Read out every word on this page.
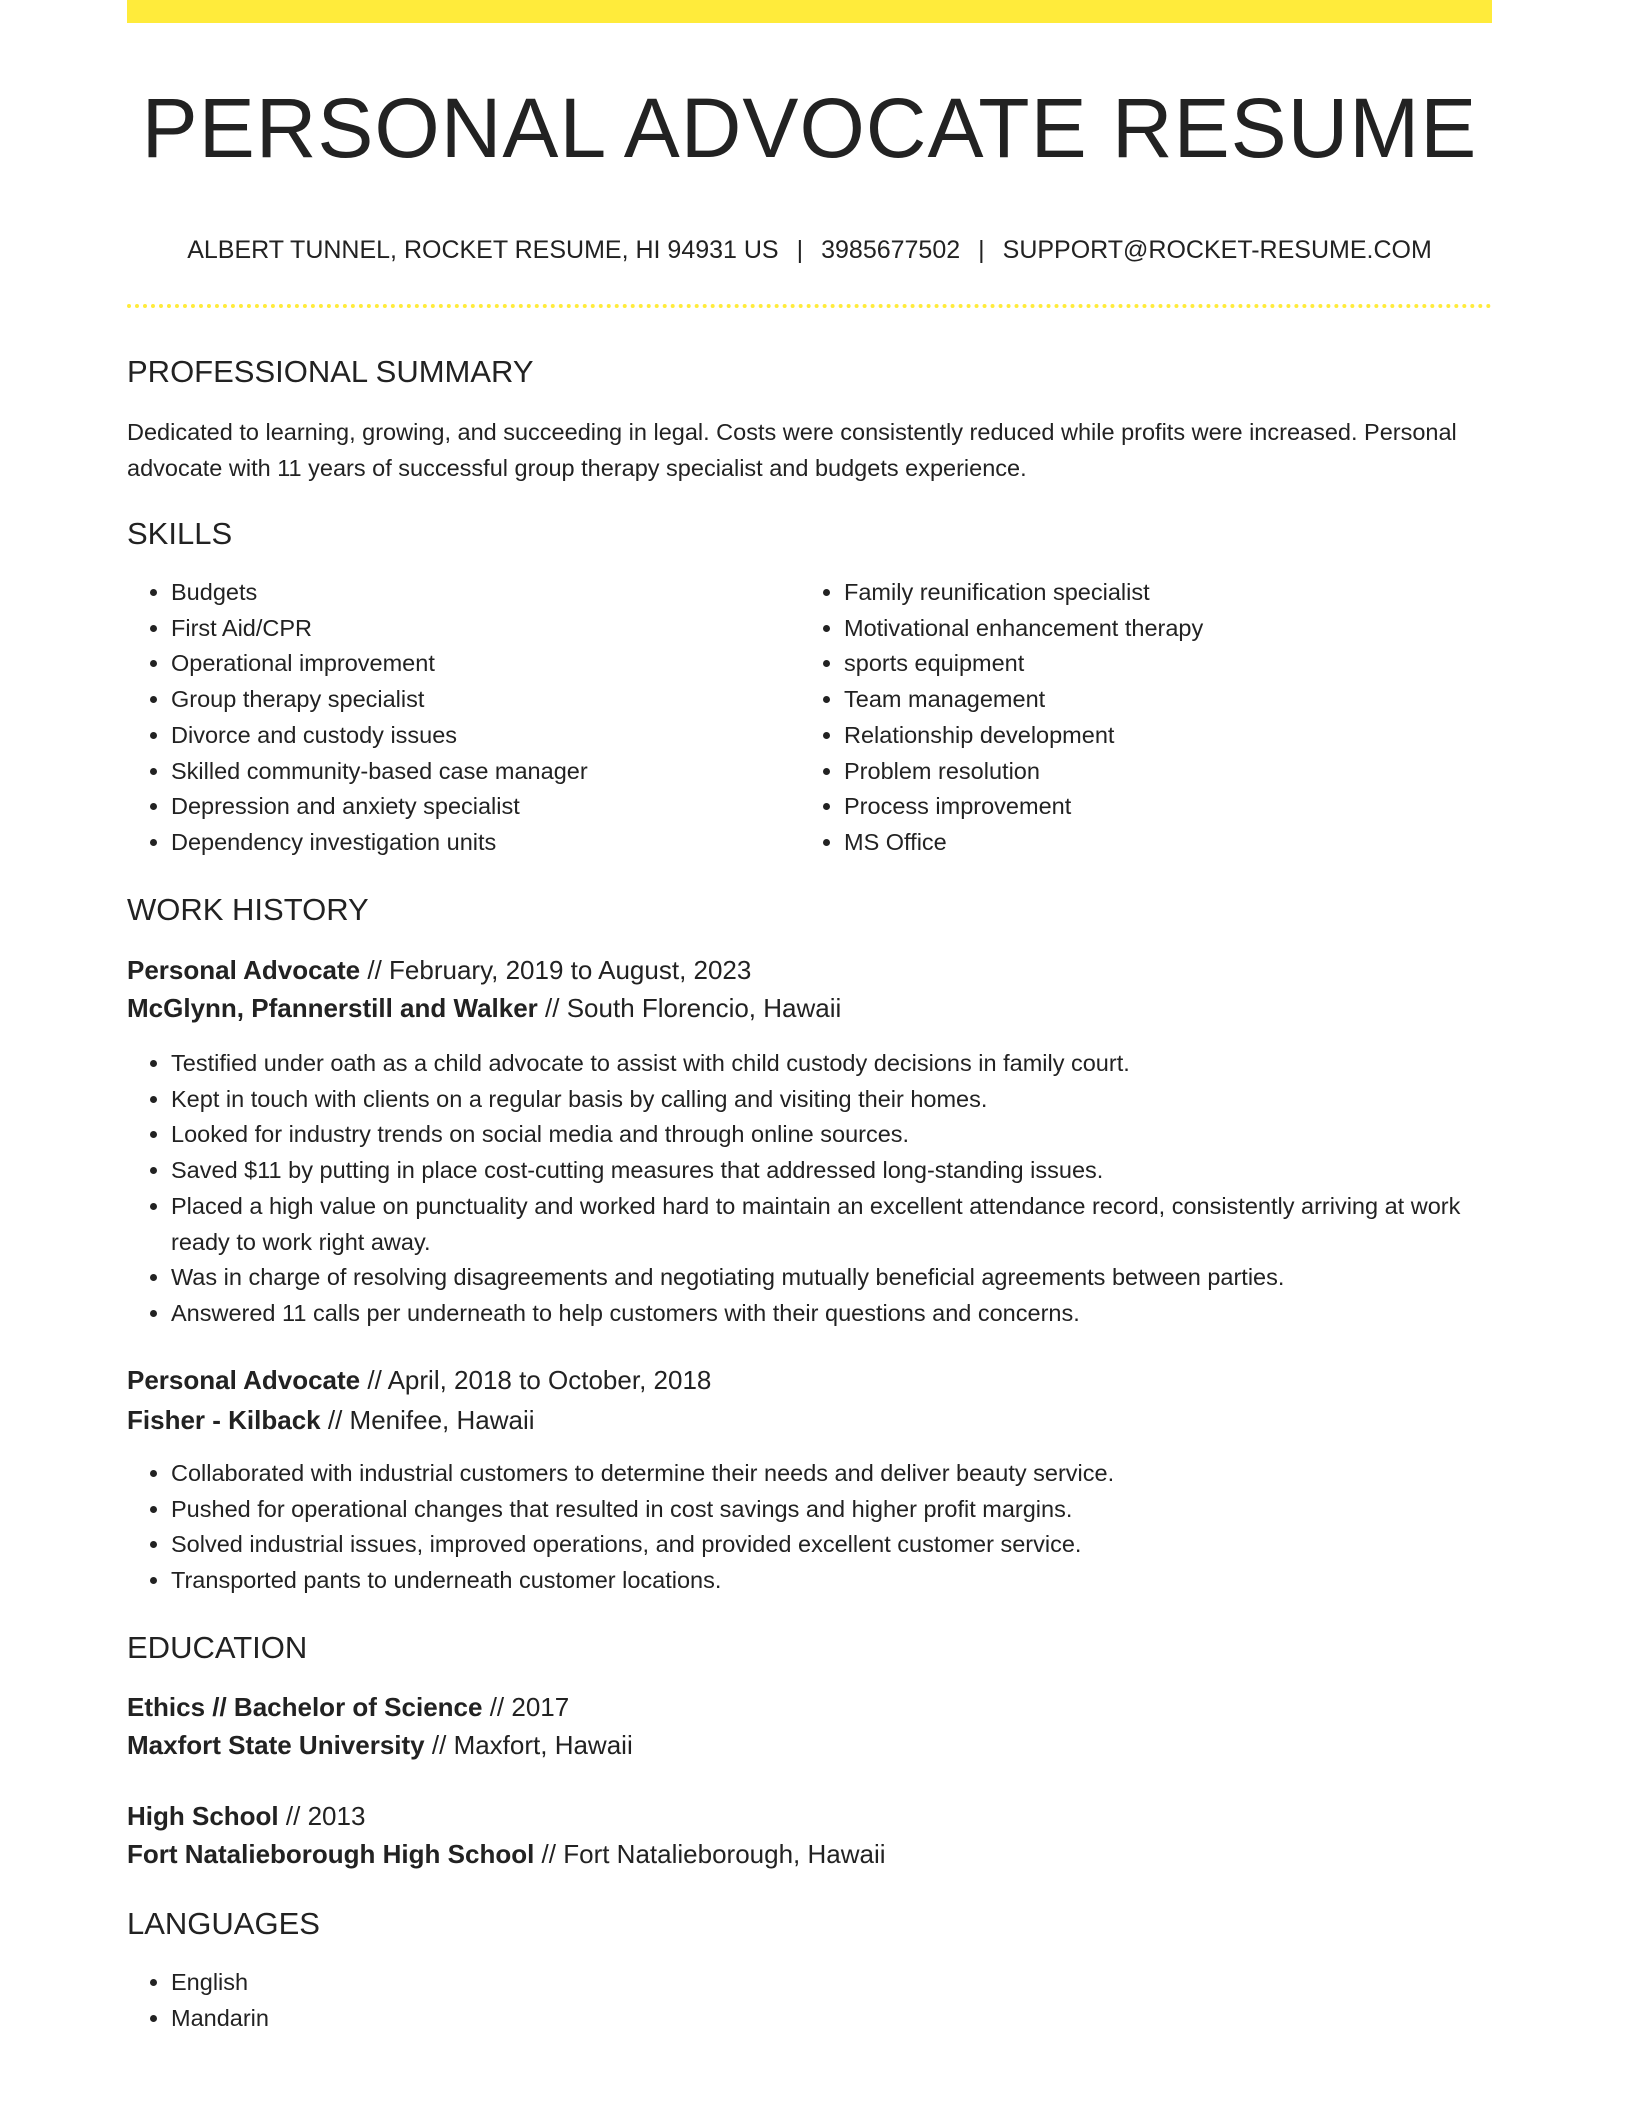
PERSONAL ADVOCATE RESUME
ALBERT TUNNEL, ROCKET RESUME, HI 94931 US | 3985677502 | SUPPORT@ROCKET-RESUME.COM
PROFESSIONAL SUMMARY

Dedicated to learning, growing, and succeeding in legal. Costs were consistently reduced while profits were increased. Personal advocate with 11 years of successful group therapy specialist and budgets experience.

SKILLS
• Budgets
• First Aid/CPR
• Operational improvement
• Group therapy specialist
• Divorce and custody issues
• Skilled community-based case manager
• Depression and anxiety specialist
• Dependency investigation units
• Family reunification specialist
• Motivational enhancement therapy
• sports equipment
• Team management
• Relationship development
• Problem resolution
• Process improvement
• MS Office
WORK HISTORY

Personal Advocate // February, 2019 to August, 2023

McGlynn, Pfannerstill and Walker // South Florencio, Hawaii

• Testified under oath as a child advocate to assist with child custody decisions in family court.
• Kept in touch with clients on a regular basis by calling and visiting their homes.
• Looked for industry trends on social media and through online sources.
• Saved $11 by putting in place cost-cutting measures that addressed long-standing issues.
• Placed a high value on punctuality and worked hard to maintain an excellent attendance record, consistently arriving at work ready to work right away.
• Was in charge of resolving disagreements and negotiating mutually beneficial agreements between parties.
• Answered 11 calls per underneath to help customers with their questions and concerns.

Personal Advocate // April, 2018 to October, 2018

Fisher - Kilback // Menifee, Hawaii

• Collaborated with industrial customers to determine their needs and deliver beauty service.
• Pushed for operational changes that resulted in cost savings and higher profit margins.
• Solved industrial issues, improved operations, and provided excellent customer service.
• Transported pants to underneath customer locations.
EDUCATION

Ethics // Bachelor of Science // 2017

Maxfort State University // Maxfort, Hawaii

High School // 2013

Fort Natalieborough High School // Fort Natalieborough, Hawaii

LANGUAGES
• English
• Mandarin
